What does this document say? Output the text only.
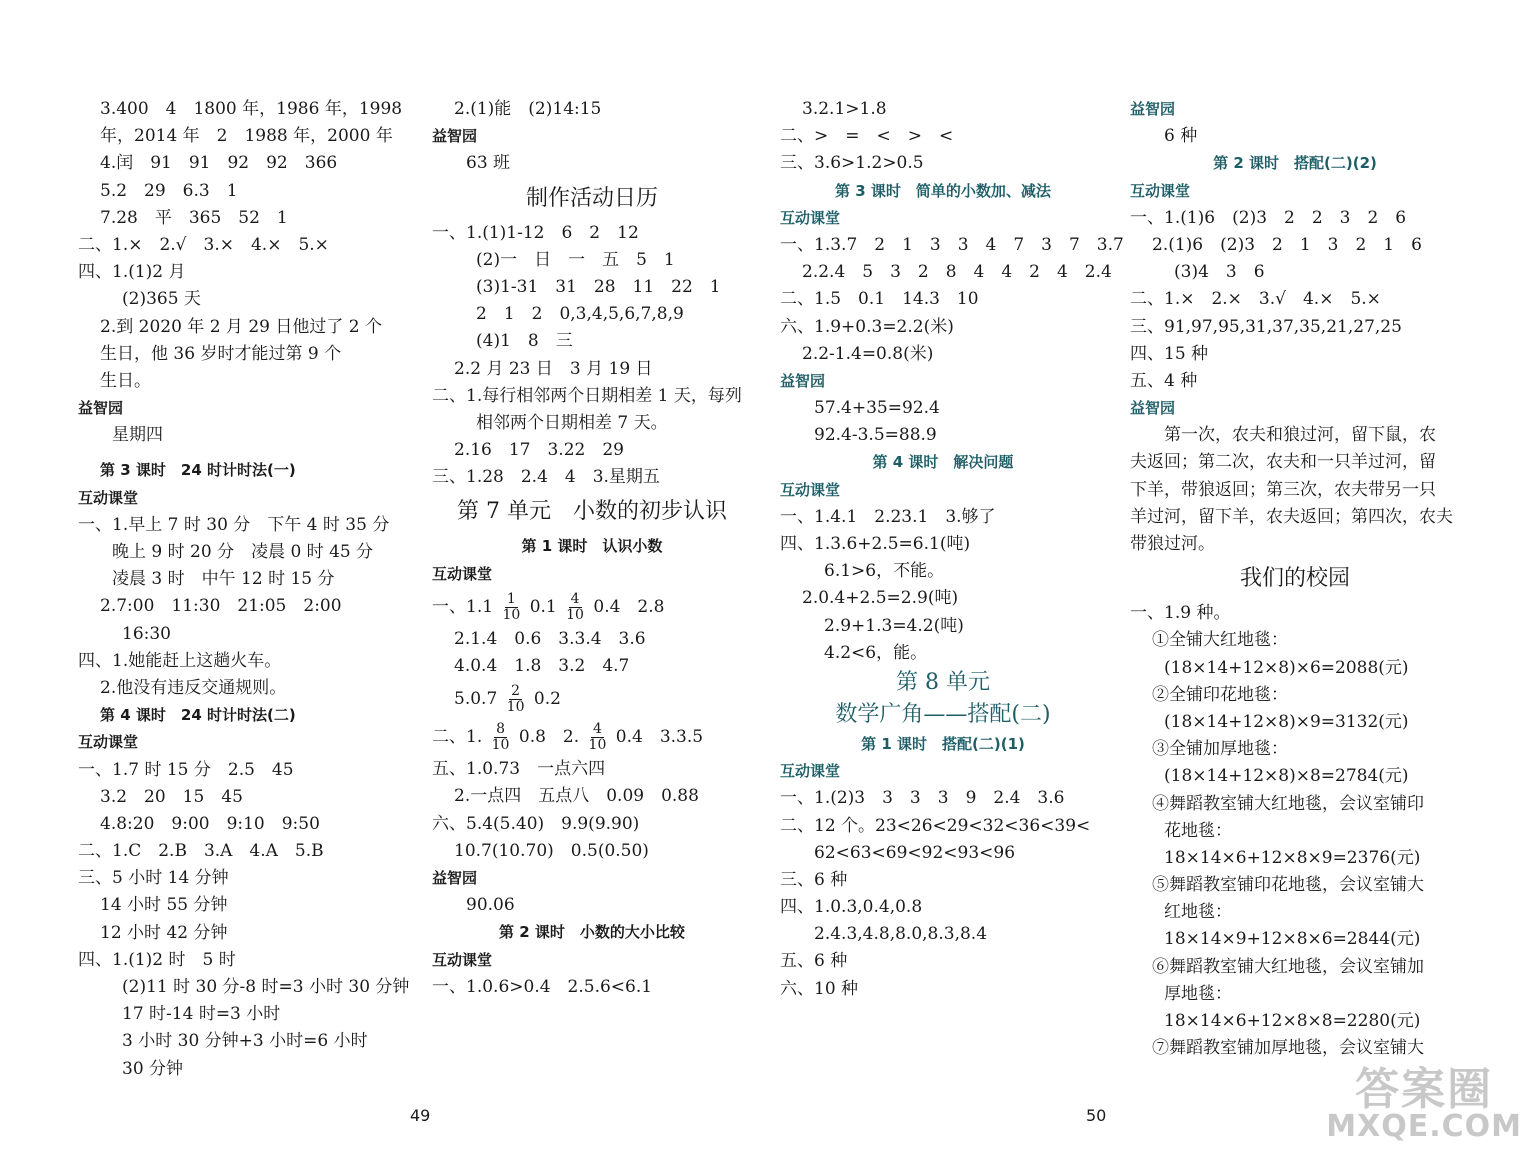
3.400　4　1800 年，1986 年，1998
年，2014 年　2　1988 年，2000 年
4.闰　91　91　92　92　366
5.2　29　6.3　1
7.28　平　365　52　1
二、1.×　2.√　3.×　4.×　5.×
四、1.(1)2 月
(2)365 天
2.到 2020 年 2 月 29 日他过了 2 个
生日，他 36 岁时才能过第 9 个
生日。
益智园
星期四
第 3 课时　24 时计时法(一)
互动课堂
一、1.早上 7 时 30 分　下午 4 时 35 分
晚上 9 时 20 分　凌晨 0 时 45 分
凌晨 3 时　中午 12 时 15 分
2.7:00　11:30　21:05　2:00
16:30
四、1.她能赶上这趟火车。
2.他没有违反交通规则。
第 4 课时　24 时计时法(二)
互动课堂
一、1.7 时 15 分　2.5　45
3.2　20　15　45
4.8:20　9:00　9:10　9:50
二、1.C　2.B　3.A　4.A　5.B
三、5 小时 14 分钟
14 小时 55 分钟
12 小时 42 分钟
四、1.(1)2 时　5 时
(2)11 时 30 分-8 时=3 小时 30 分钟
17 时-14 时=3 小时
3 小时 30 分钟+3 小时=6 小时
30 分钟
2.(1)能　(2)14:15
益智园
63 班
制作活动日历
一、1.(1)1-12　6　2　12
(2)一　日　一　五　5　1
(3)1-31　31　28　11　22　1
2　1　2　0,3,4,5,6,7,8,9
(4)1　8　三
2.2 月 23 日　3 月 19 日
二、1.每行相邻两个日期相差 1 天，每列
相邻两个日期相差 7 天。
2.16　17　3.22　29
三、1.28　2.4　4　3.星期五
第 7 单元　小数的初步认识
第 1 课时　认识小数
互动课堂
一、$1.1 \frac{1}{10} 0.1 \frac{4}{10} 0.4$　2.8
2.1.4　0.6　3.3.4　3.6
4.0.4　1.8　3.2　4.7
$5.0.7 \frac{2}{10} 0.2$
二、1. $\frac{8}{10} 0.8$　2. $\frac{4}{10} 0.4$　3.3.5
五、1.0.73　一点六四
2.一点四　五点八　0.09　0.88
六、5.4(5.40)　9.9(9.90)
10.7(10.70)　0.5(0.50)
益智园
90.06
第 2 课时　小数的大小比较
互动课堂
一、1.0.6>0.4　2.5.6<6.1
3.2.1>1.8
二、>　=　<　>　<
三、3.6>1.2>0.5
第 3 课时　简单的小数加、减法
互动课堂
一、1.3.7　2　1　3　3　4　7　3　7　3.7
2.2.4　5　3　2　8　4　4　2　4　2.4
二、1.5　0.1　14.3　10
六、1.9+0.3=2.2(米)
2.2-1.4=0.8(米)
益智园
57.4+35=92.4
92.4-3.5=88.9
第 4 课时　解决问题
互动课堂
一、1.4.1　2.23.1　3.够了
四、1.3.6+2.5=6.1(吨)
6.1>6，不能。
2.0.4+2.5=2.9(吨)
2.9+1.3=4.2(吨)
4.2<6，能。
第 8 单元
数学广角——搭配(二)
第 1 课时　搭配(二)(1)
互动课堂
一、1.(2)3　3　3　3　9　2.4　3.6
二、12 个。23<26<29<32<36<39<
62<63<69<92<93<96
三、6 种
四、1.0.3,0.4,0.8
2.4.3,4.8,8.0,8.3,8.4
五、6 种
六、10 种
益智园
6 种
第 2 课时　搭配(二)(2)
互动课堂
一、1.(1)6　(2)3　2　2　3　2　6
2.(1)6　(2)3　2　1　3　2　1　6
(3)4　3　6
二、1.×　2.×　3.√　4.×　5.×
三、91,97,95,31,37,35,21,27,25
四、15 种
五、4 种
益智园
第一次，农夫和狼过河，留下鼠，农
夫返回；第二次，农夫和一只羊过河，留
下羊，带狼返回；第三次，农夫带另一只
羊过河，留下羊，农夫返回；第四次，农夫
带狼过河。
我们的校园
一、1.9 种。
①全铺大红地毯：
(18×14+12×8)×6=2088(元)
②全铺印花地毯：
(18×14+12×8)×9=3132(元)
③全铺加厚地毯：
(18×14+12×8)×8=2784(元)
④舞蹈教室铺大红地毯，会议室铺印
花地毯：
18×14×6+12×8×9=2376(元)
⑤舞蹈教室铺印花地毯，会议室铺大
红地毯：
18×14×9+12×8×6=2844(元)
⑥舞蹈教室铺大红地毯，会议室铺加
厚地毯：
18×14×6+12×8×8=2280(元)
⑦舞蹈教室铺加厚地毯，会议室铺大
49	50
答案圈
MXQE.COM
